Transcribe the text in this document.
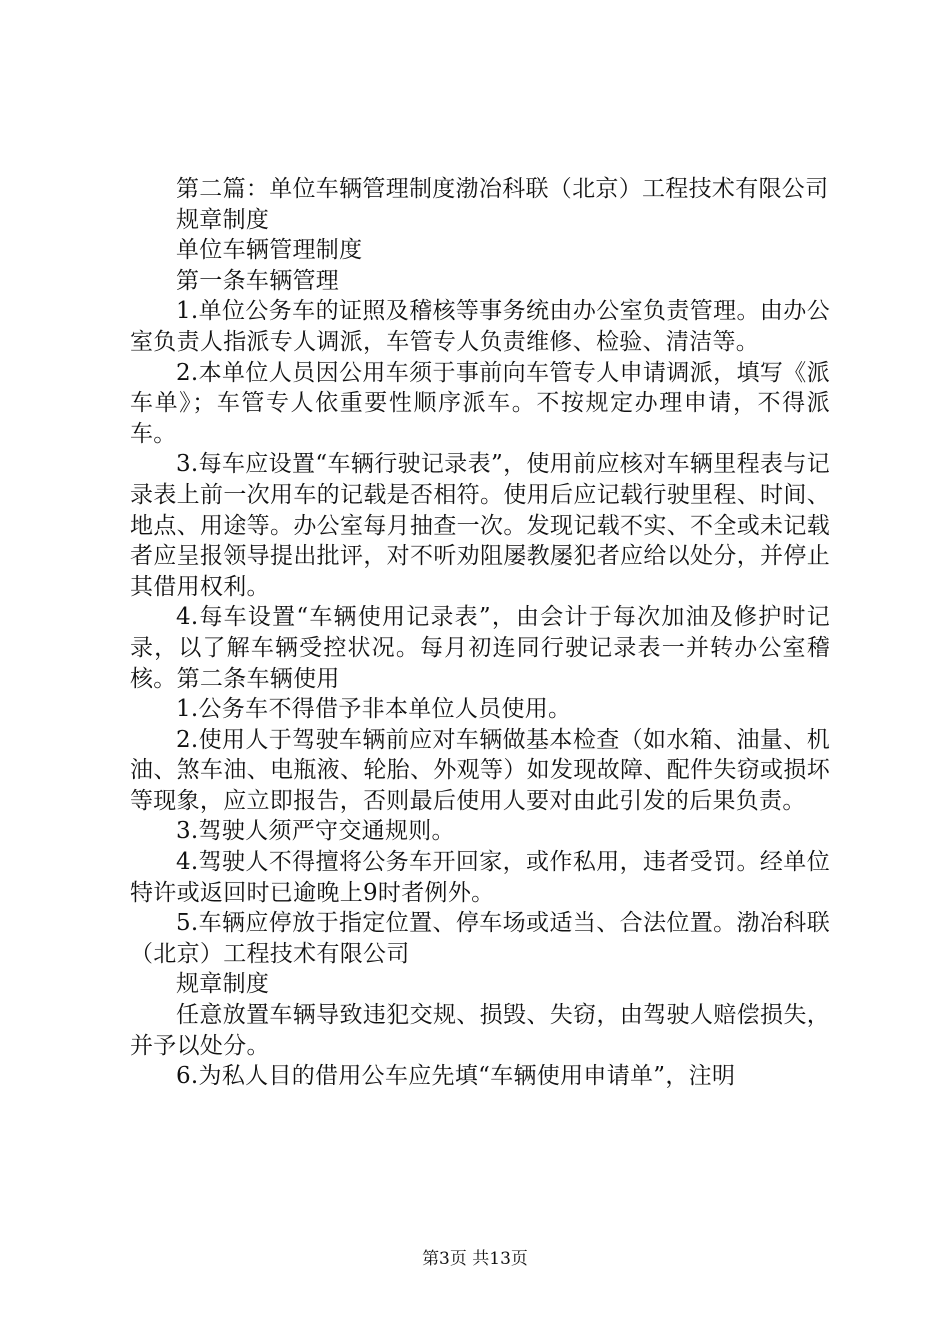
第二篇：单位车辆管理制度渤冶科联（北京）工程技术有限公司

规章制度

单位车辆管理制度

第一条车辆管理

1.单位公务车的证照及稽核等事务统由办公室负责管理。由办公室负责人指派专人调派，车管专人负责维修、检验、清洁等。

2.本单位人员因公用车须于事前向车管专人申请调派，填写《派车单》；车管专人依重要性顺序派车。不按规定办理申请，不得派车。

3.每车应设置“车辆行驶记录表”，使用前应核对车辆里程表与记录表上前一次用车的记载是否相符。使用后应记载行驶里程、时间、地点、用途等。办公室每月抽查一次。发现记载不实、不全或未记载者应呈报领导提出批评，对不听劝阻屡教屡犯者应给以处分，并停止其借用权利。

4.每车设置“车辆使用记录表”，由会计于每次加油及修护时记录，以了解车辆受控状况。每月初连同行驶记录表一并转办公室稽核。第二条车辆使用

1.公务车不得借予非本单位人员使用。

2.使用人于驾驶车辆前应对车辆做基本检查（如水箱、油量、机油、煞车油、电瓶液、轮胎、外观等）如发现故障、配件失窃或损坏等现象，应立即报告，否则最后使用人要对由此引发的后果负责。

3.驾驶人须严守交通规则。

4.驾驶人不得擅将公务车开回家，或作私用，违者受罚。经单位特许或返回时已逾晚上9时者例外。

5.车辆应停放于指定位置、停车场或适当、合法位置。渤冶科联（北京）工程技术有限公司

规章制度

任意放置车辆导致违犯交规、损毁、失窃，由驾驶人赔偿损失，并予以处分。

6.为私人目的借用公车应先填“车辆使用申请单”，注明

第3页 共13页
